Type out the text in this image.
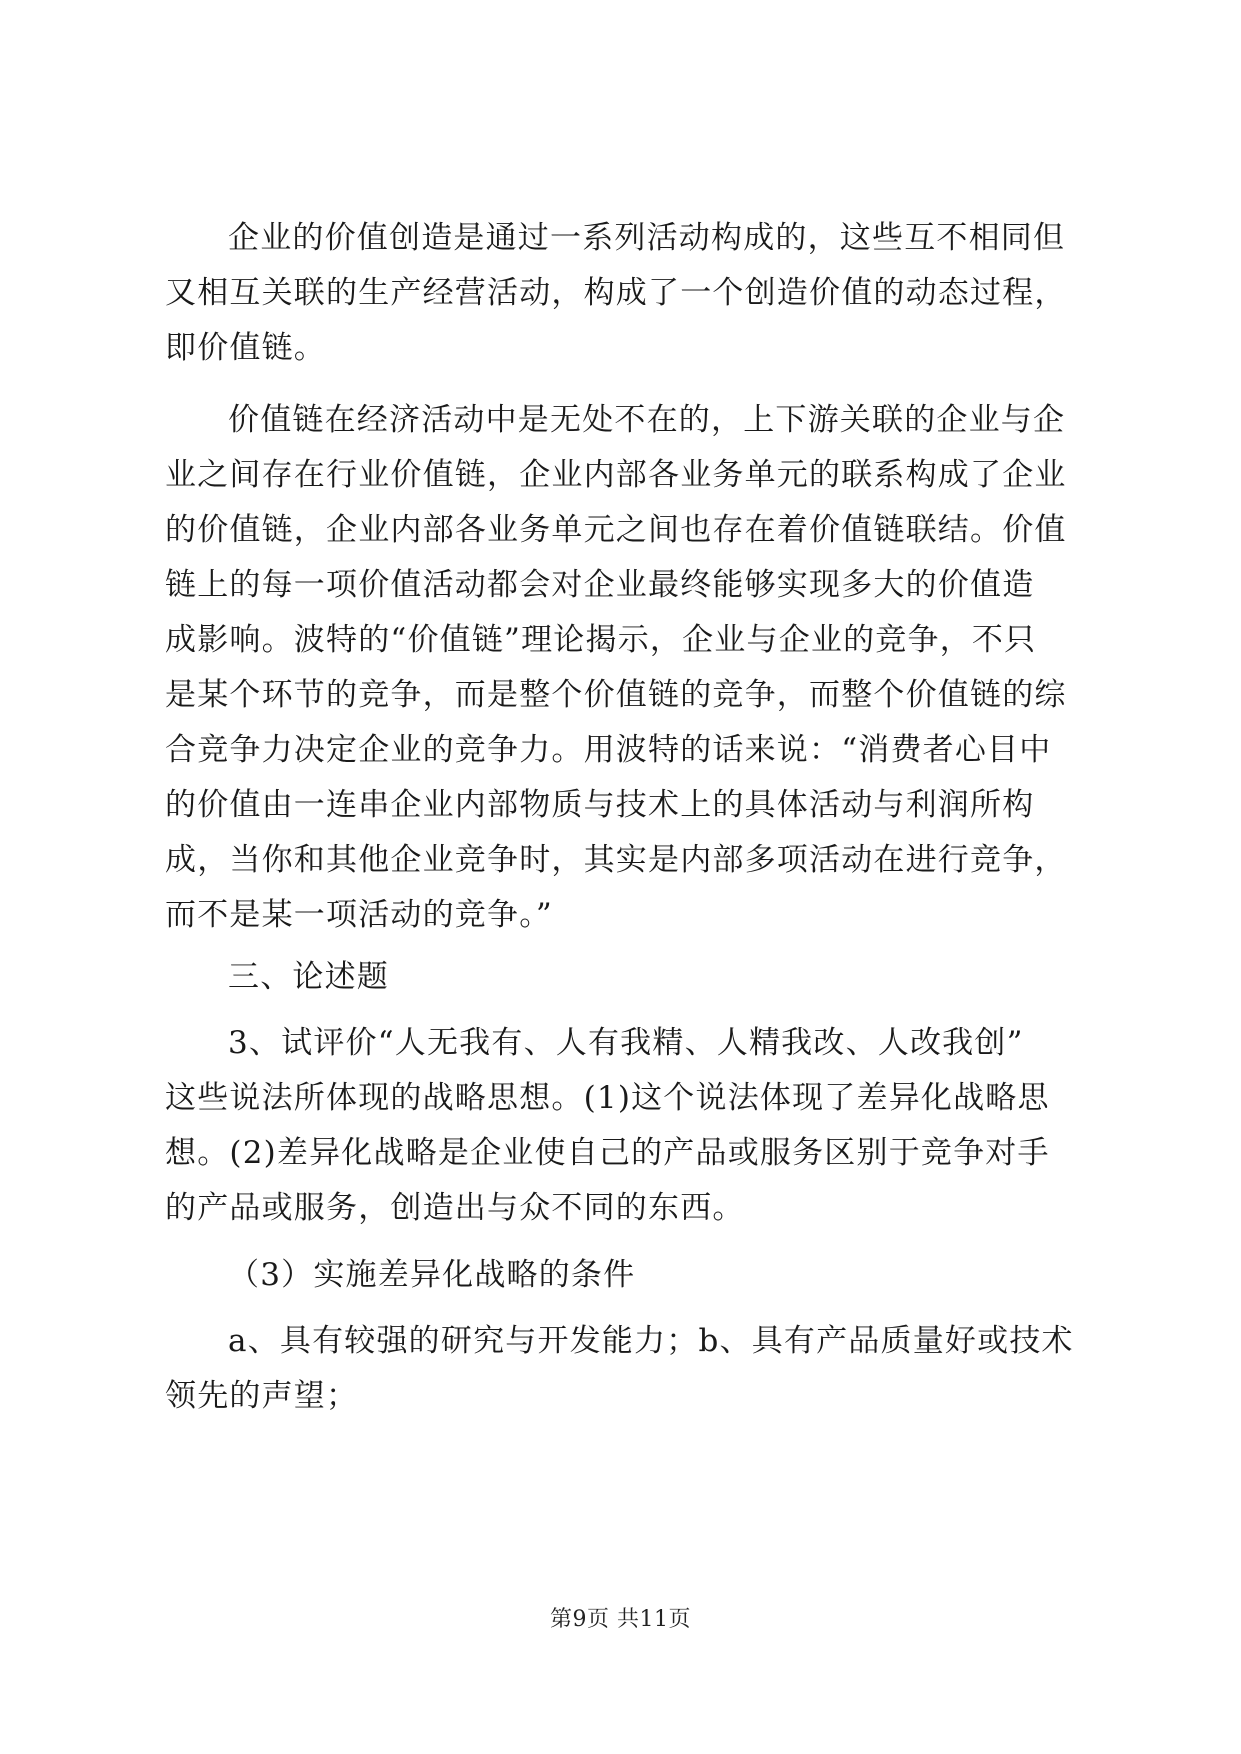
企业的价值创造是通过一系列活动构成的，这些互不相同但
又相互关联的生产经营活动，构成了一个创造价值的动态过程，
即价值链。
价值链在经济活动中是无处不在的，上下游关联的企业与企
业之间存在行业价值链，企业内部各业务单元的联系构成了企业
的价值链，企业内部各业务单元之间也存在着价值链联结。价值
链上的每一项价值活动都会对企业最终能够实现多大的价值造
成影响。波特的“价值链”理论揭示，企业与企业的竞争，不只
是某个环节的竞争，而是整个价值链的竞争，而整个价值链的综
合竞争力决定企业的竞争力。用波特的话来说：“消费者心目中
的价值由一连串企业内部物质与技术上的具体活动与利润所构
成，当你和其他企业竞争时，其实是内部多项活动在进行竞争，
而不是某一项活动的竞争。”
三、论述题
3、试评价“人无我有、人有我精、人精我改、人改我创”
这些说法所体现的战略思想。(1)这个说法体现了差异化战略思
想。(2)差异化战略是企业使自己的产品或服务区别于竞争对手
的产品或服务，创造出与众不同的东西。
（3）实施差异化战略的条件
a、具有较强的研究与开发能力；b、具有产品质量好或技术
领先的声望；
第9页 共11页
